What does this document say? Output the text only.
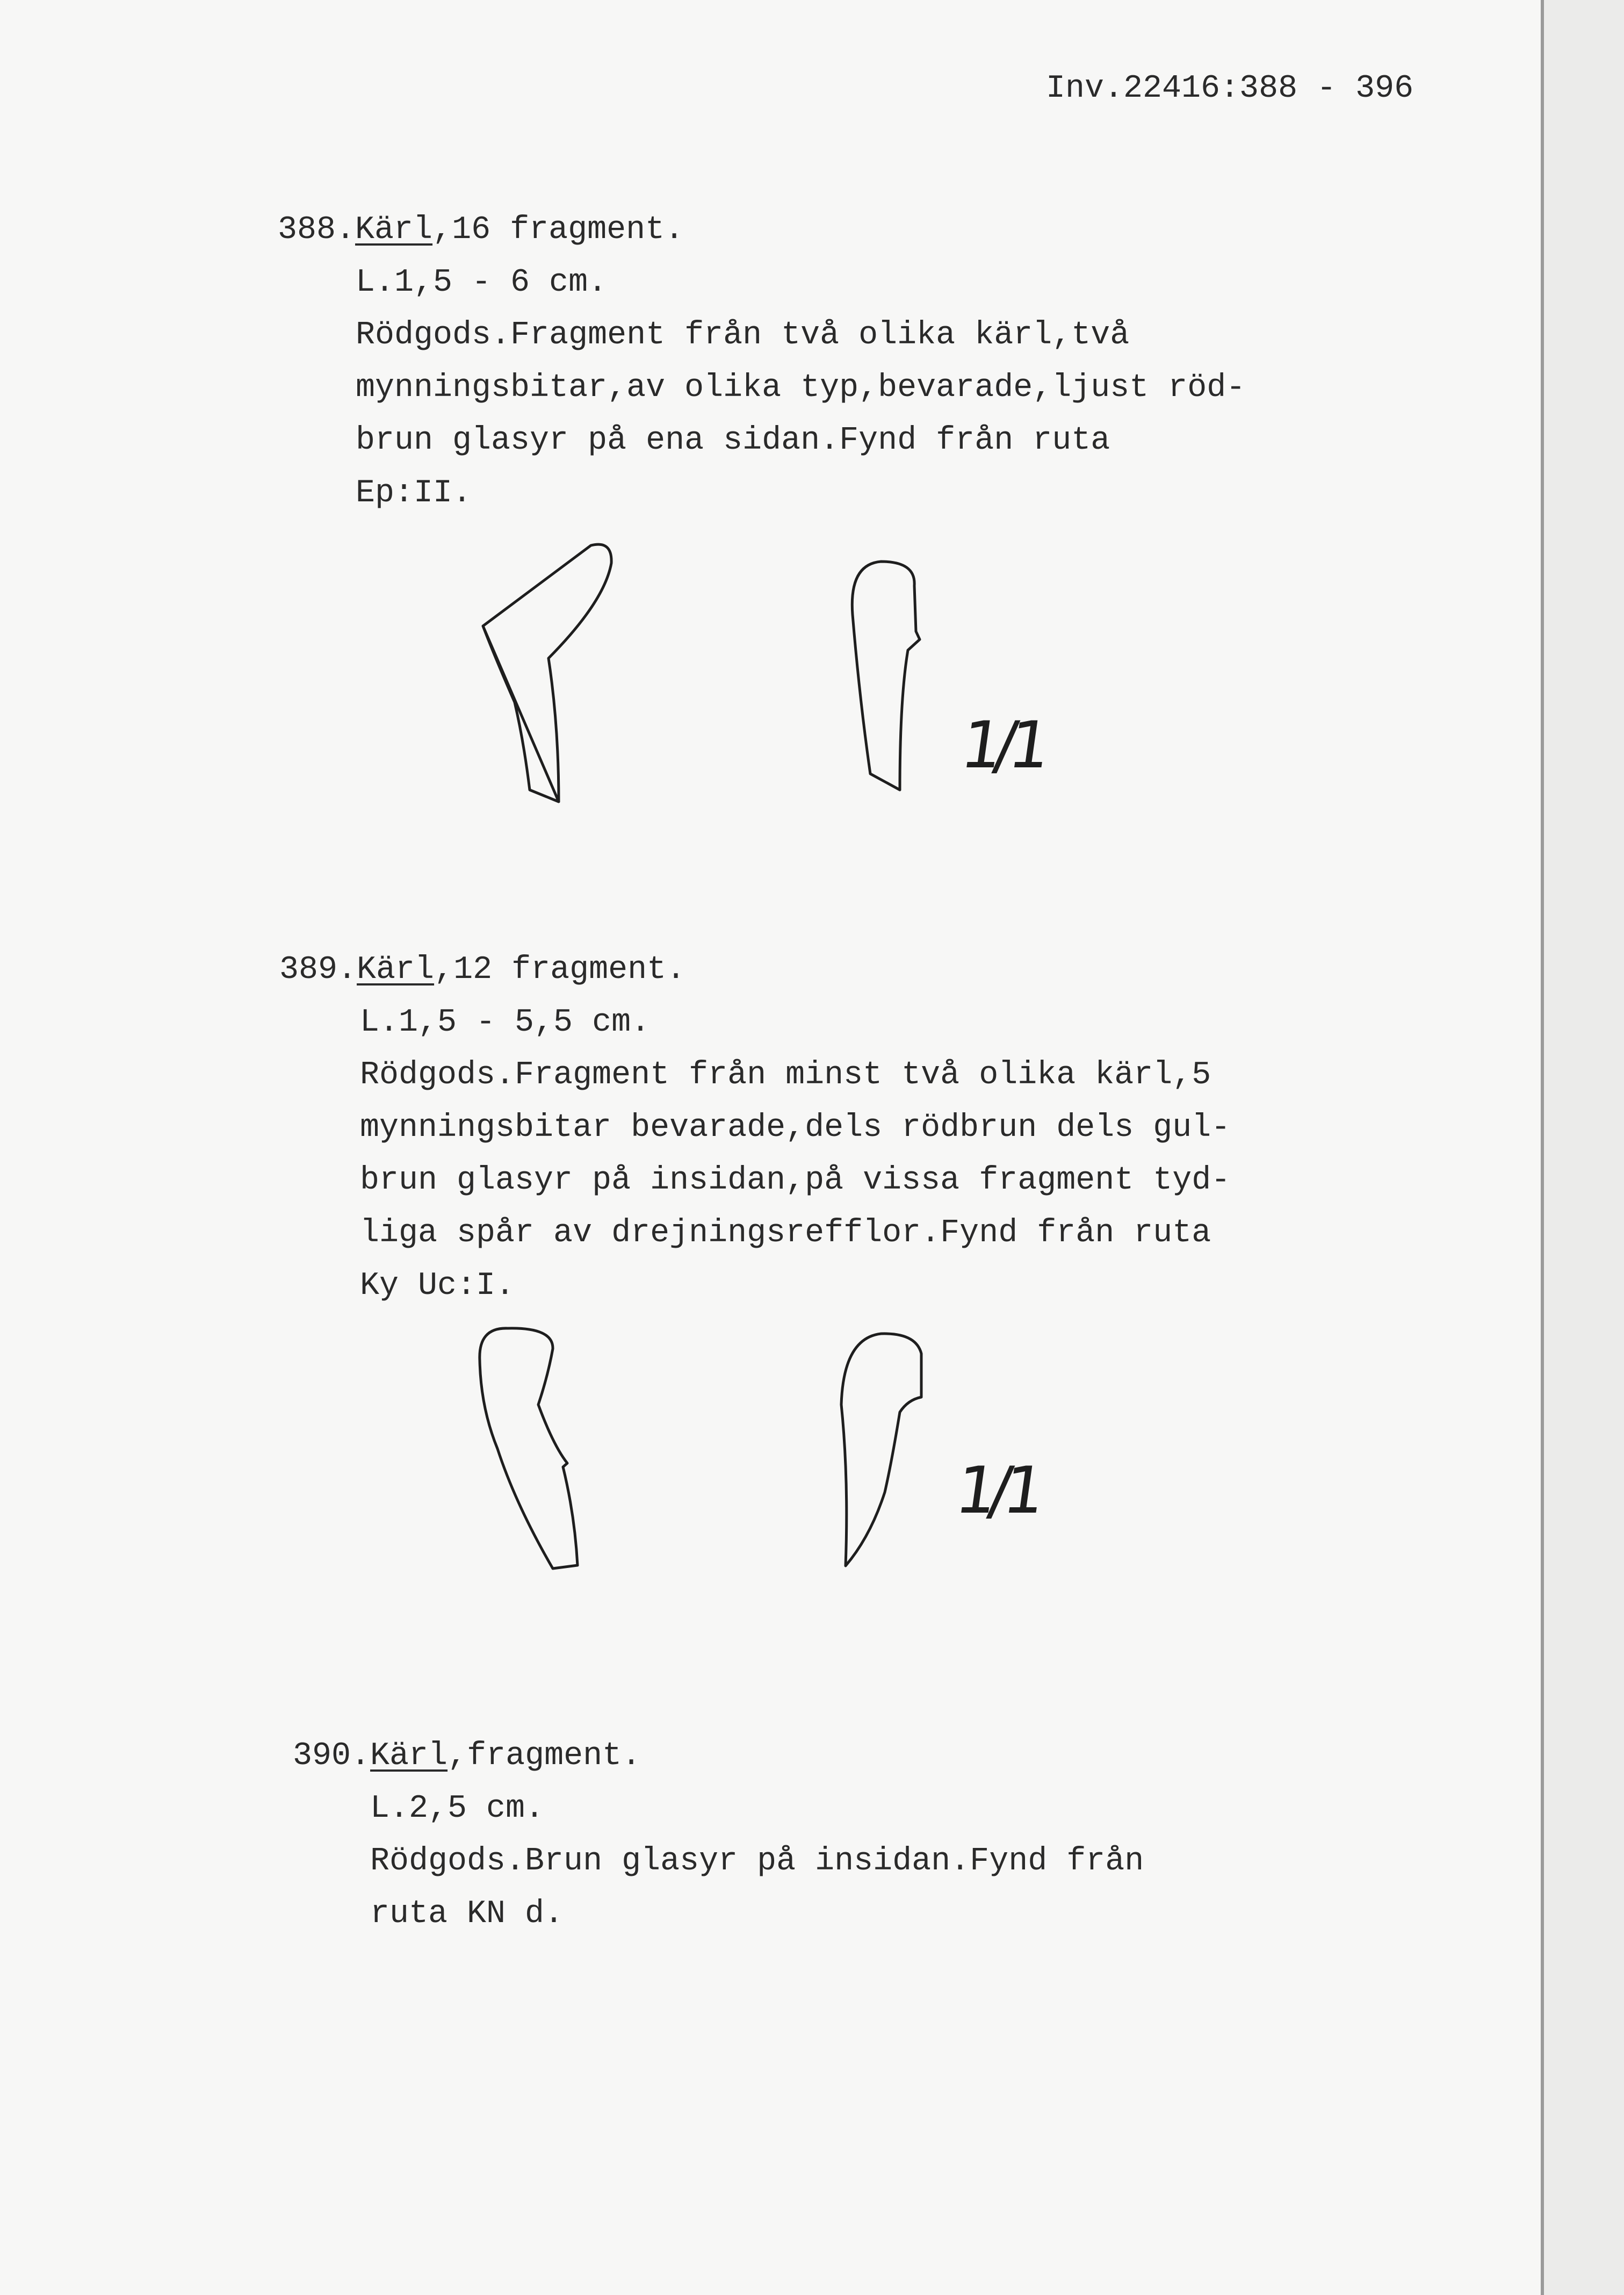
Inv.22416:388 - 396
388.Kärl,16 fragment.
L.1,5 - 6 cm.
Rödgods.Fragment från två olika kärl,två
mynningsbitar,av olika typ,bevarade,ljust röd-
brun glasyr på ena sidan.Fynd från ruta
Ep:II.
389.Kärl,12 fragment.
L.1,5 - 5,5 cm.
Rödgods.Fragment från minst två olika kärl,5
mynningsbitar bevarade,dels rödbrun dels gul-
brun glasyr på insidan,på vissa fragment tyd-
liga spår av drejningsrefflor.Fynd från ruta
Ky Uc:I.
390.Kärl,fragment.
L.2,5 cm.
Rödgods.Brun glasyr på insidan.Fynd från
ruta KN d.
1/1
1/1
